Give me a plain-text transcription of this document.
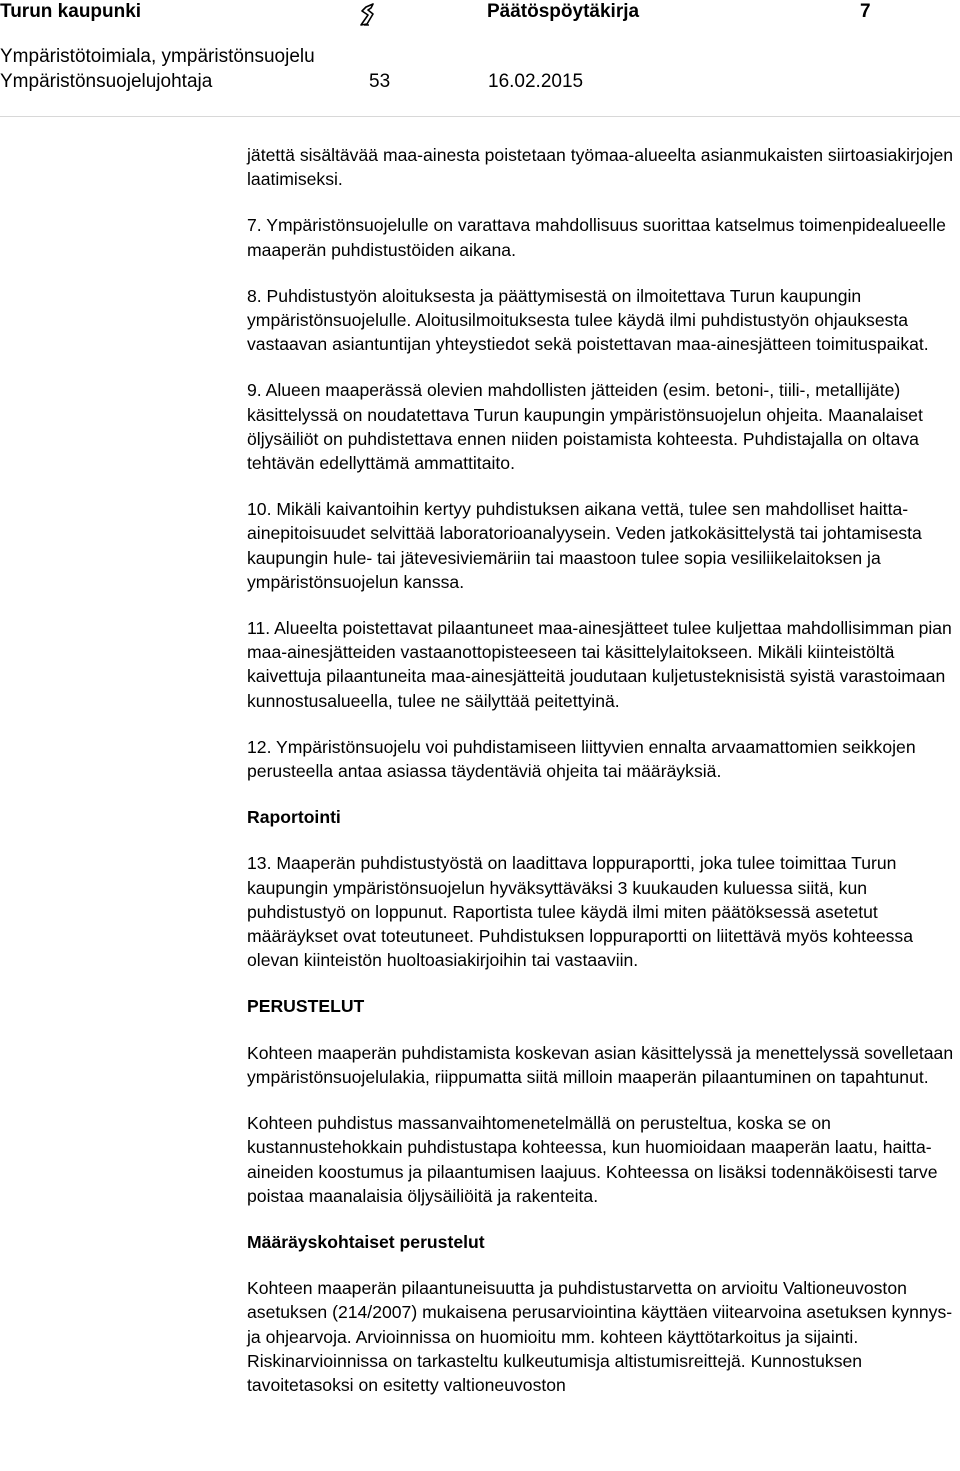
Turun kaupunki	Päätöspöytäkirja	7
Ympäristötoimiala, ympäristönsuojelu
Ympäristönsuojelujohtaja	53	16.02.2015

jätettä sisältävää maa-ainesta poistetaan työmaa-alueelta asianmukaisten siirtoasiakirjojen laatimiseksi.

7. Ympäristönsuojelulle on varattava mahdollisuus suorittaa katselmus toimenpidealueelle maaperän puhdistustöiden aikana.

8. Puhdistustyön aloituksesta ja päättymisestä on ilmoitettava Turun kaupungin ympäristönsuojelulle. Aloitusilmoituksesta tulee käydä ilmi puhdistustyön ohjauksesta vastaavan asiantuntijan yhteystiedot sekä poistettavan maa-ainesjätteen toimituspaikat.

9. Alueen maaperässä olevien mahdollisten jätteiden (esim. betoni-, tiili-, metallijäte) käsittelyssä on noudatettava Turun kaupungin ympäristönsuojelun ohjeita. Maanalaiset öljysäiliöt on puhdistettava ennen niiden poistamista kohteesta. Puhdistajalla on oltava tehtävän edellyttämä ammattitaito.

10. Mikäli kaivantoihin kertyy puhdistuksen aikana vettä, tulee sen mahdolliset haitta-ainepitoisuudet selvittää laboratorioanalyysein. Veden jatkokäsittelystä tai johtamisesta kaupungin hule- tai jätevesiviemäriin tai maastoon tulee sopia vesiliikelaitoksen ja ympäristönsuojelun kanssa.

11. Alueelta poistettavat pilaantuneet maa-ainesjätteet tulee kuljettaa mahdollisimman pian maa-ainesjätteiden vastaanottopisteeseen tai käsittelylaitokseen. Mikäli kiinteistöltä kaivettuja pilaantuneita maa-ainesjätteitä joudutaan kuljetusteknisistä syistä varastoimaan kunnostusalueella, tulee ne säilyttää peitettyinä.

12. Ympäristönsuojelu voi puhdistamiseen liittyvien ennalta arvaamattomien seikkojen perusteella antaa asiassa täydentäviä ohjeita tai määräyksiä.

Raportointi

13. Maaperän puhdistustyöstä on laadittava loppuraportti, joka tulee toimittaa Turun kaupungin ympäristönsuojelun hyväksyttäväksi 3 kuukauden kuluessa siitä, kun puhdistustyö on loppunut. Raportista tulee käydä ilmi miten päätöksessä asetetut määräykset ovat toteutuneet. Puhdistuksen loppuraportti on liitettävä myös kohteessa olevan kiinteistön huoltoasiakirjoihin tai vastaaviin.

PERUSTELUT

Kohteen maaperän puhdistamista koskevan asian käsittelyssä ja menettelyssä sovelletaan ympäristönsuojelulakia, riippumatta siitä milloin maaperän pilaantuminen on tapahtunut.

Kohteen puhdistus massanvaihtomenetelmällä on perusteltua, koska se on kustannustehokkain puhdistustapa kohteessa, kun huomioidaan maaperän laatu, haitta-aineiden koostumus ja pilaantumisen laajuus. Kohteessa on lisäksi todennäköisesti tarve poistaa maanalaisia öljysäiliöitä ja rakenteita.

Määräyskohtaiset perustelut

Kohteen maaperän pilaantuneisuutta ja puhdistustarvetta on arvioitu Valtioneuvoston asetuksen (214/2007) mukaisena perusarviointina käyttäen viitearvoina asetuksen kynnys- ja ohjearvoja. Arvioinnissa on huomioitu mm. kohteen käyttötarkoitus ja sijainti. Riskinarvioinnissa on tarkasteltu kulkeutumisja altistumisreittejä. Kunnostuksen tavoitetasoksi on esitetty valtioneuvoston
